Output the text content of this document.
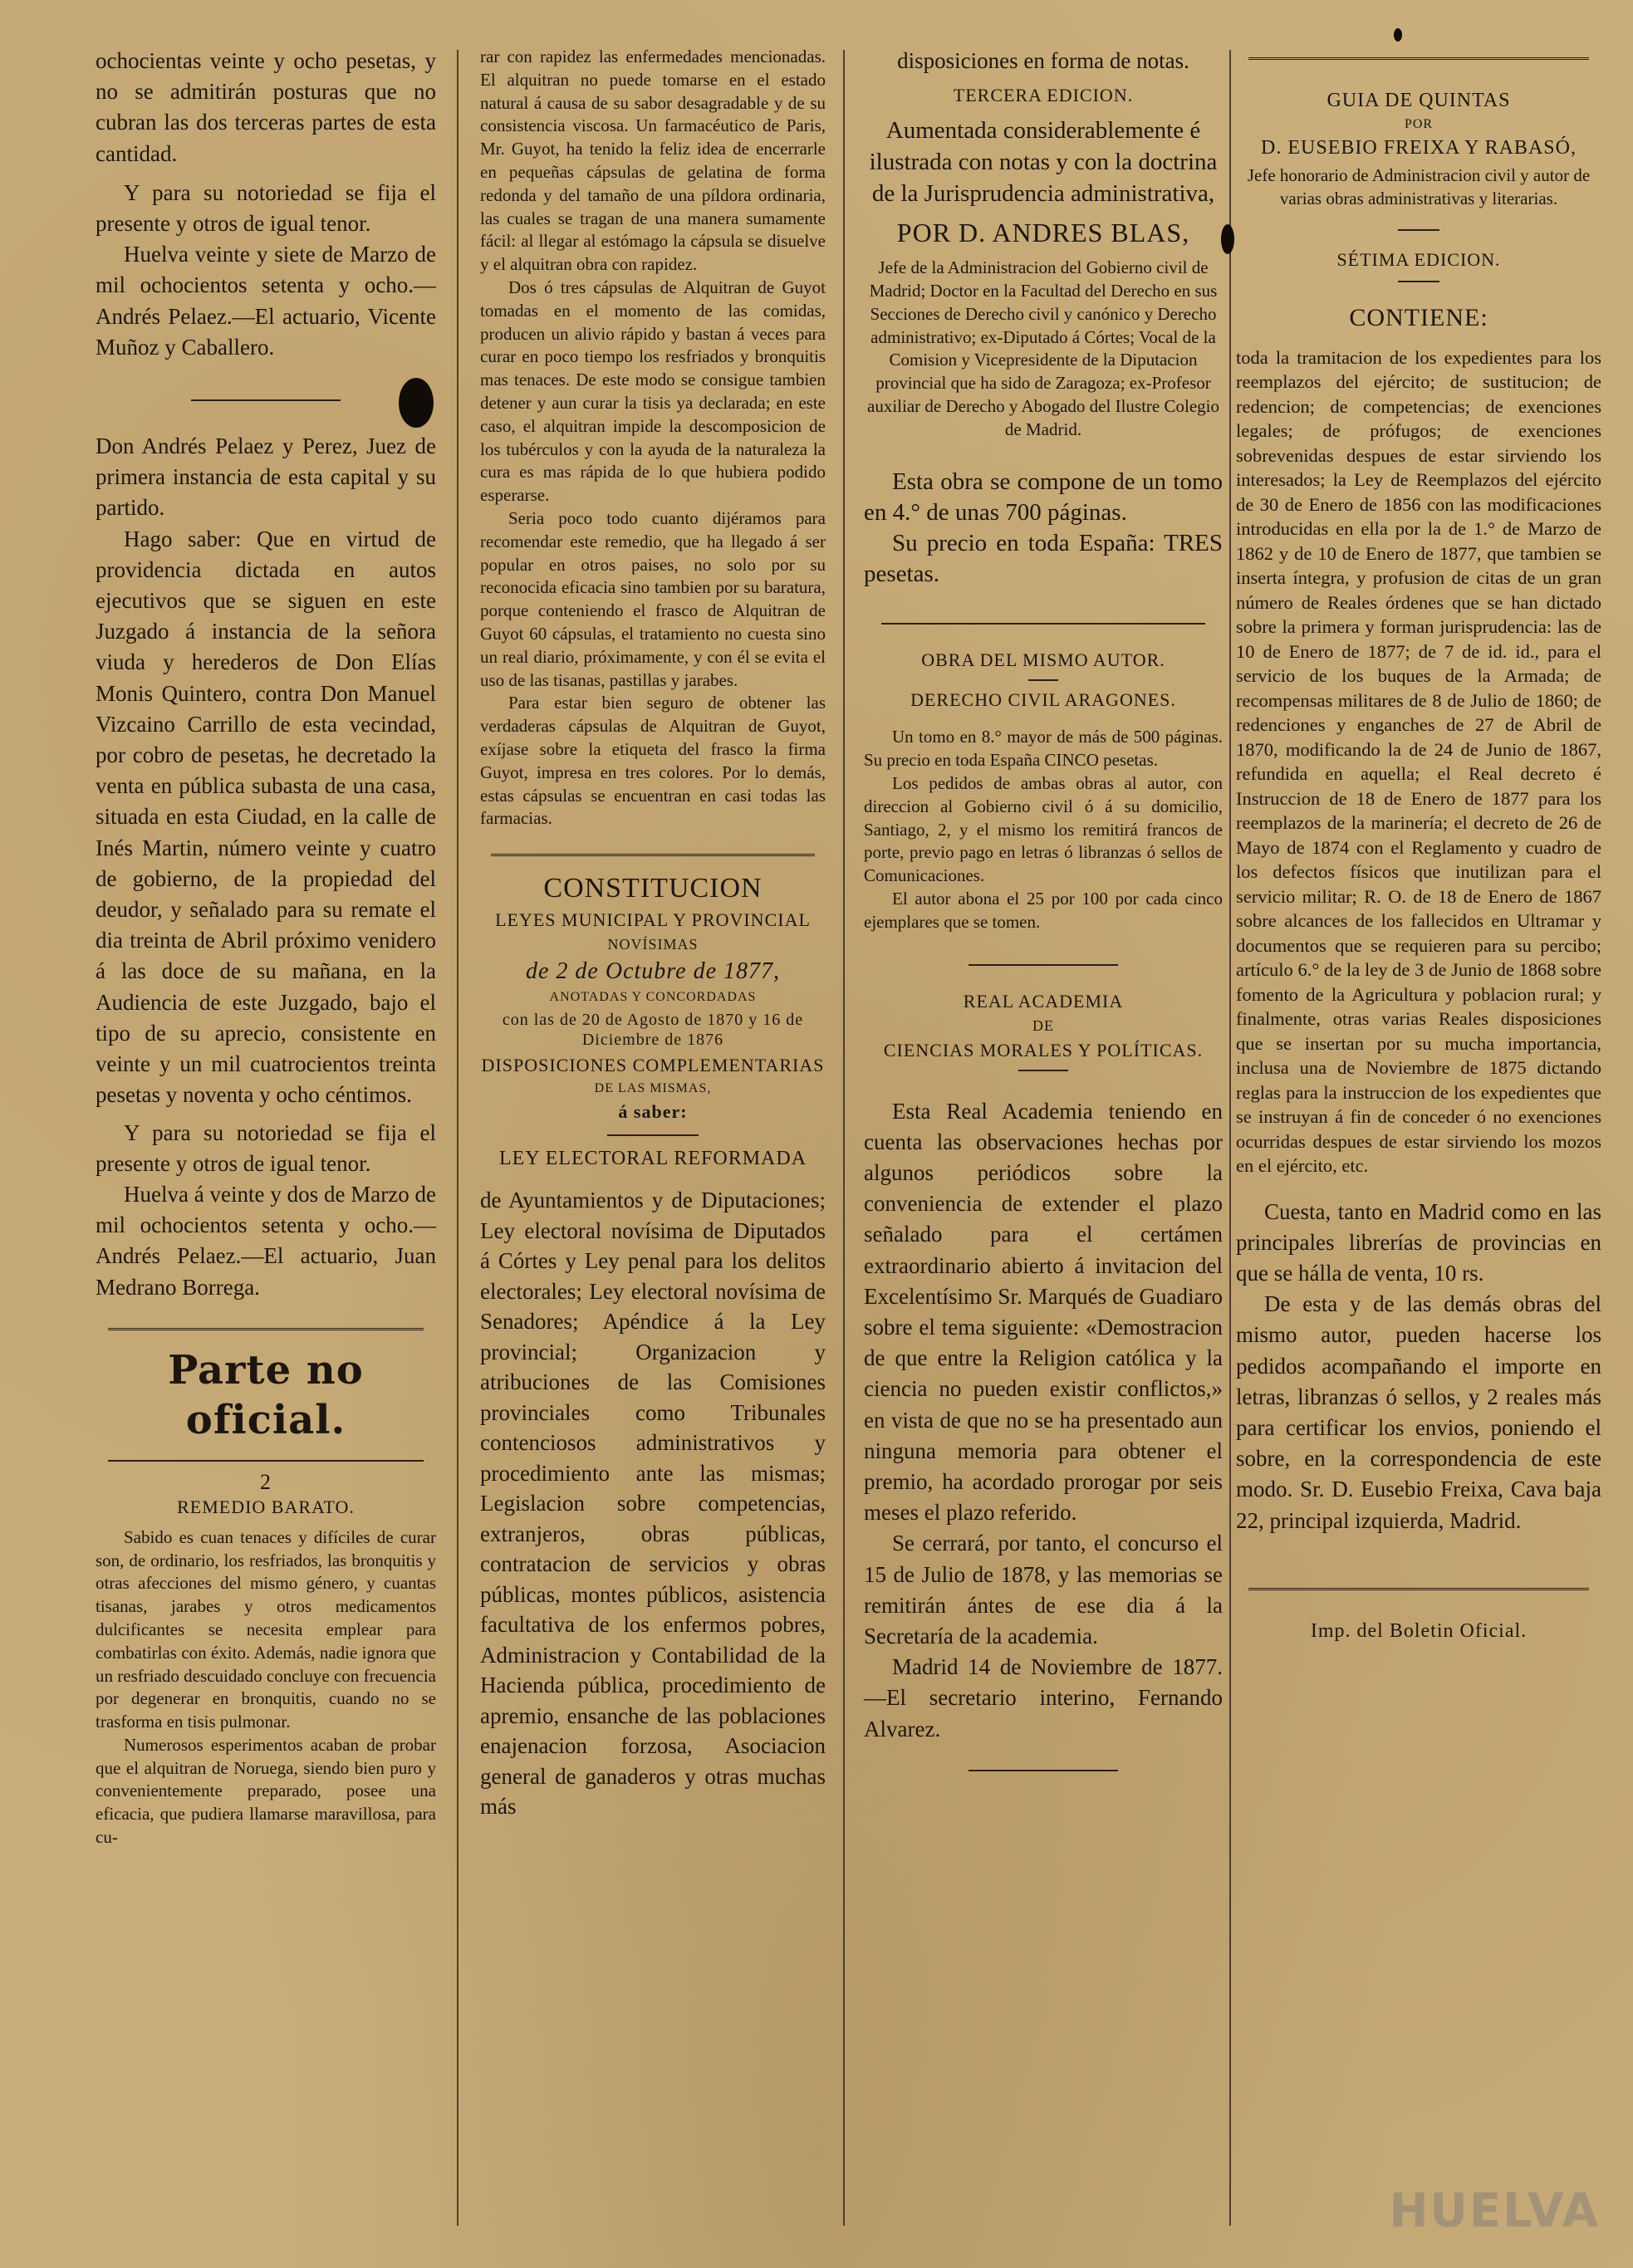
ochocientas veinte y ocho pesetas, y no se admitirán posturas que no cubran las dos terceras partes de esta cantidad.

Y para su notoriedad se fija el presente y otros de igual tenor.

Huelva veinte y siete de Marzo de mil ochocientos setenta y ocho.—Andrés Pelaez.—El actuario, Vicente Muñoz y Caballero.

Don Andrés Pelaez y Perez, Juez de primera instancia de esta capital y su partido.

Hago saber: Que en virtud de providencia dictada en autos ejecutivos que se siguen en este Juzgado á instancia de la señora viuda y herederos de Don Elías Monis Quintero, contra Don Manuel Vizcaino Carrillo de esta vecindad, por cobro de pesetas, he decretado la venta en pública subasta de una casa, situada en esta Ciudad, en la calle de Inés Martin, número veinte y cuatro de gobierno, de la propiedad del deudor, y señalado para su remate el dia treinta de Abril próximo venidero á las doce de su mañana, en la Audiencia de este Juzgado, bajo el tipo de su aprecio, consistente en veinte y un mil cuatrocientos treinta pesetas y noventa y ocho céntimos.

Y para su notoriedad se fija el presente y otros de igual tenor.

Huelva á veinte y dos de Marzo de mil ochocientos setenta y ocho.—Andrés Pelaez.—El actuario, Juan Medrano Borrega.

Parte no oficial.

2

REMEDIO BARATO.

Sabido es cuan tenaces y difíciles de curar son, de ordinario, los resfriados, las bronquitis y otras afecciones del mismo género, y cuantas tisanas, jarabes y otros medicamentos dulcificantes se necesita emplear para combatirlas con éxito. Además, nadie ignora que un resfriado descuidado concluye con frecuencia por degenerar en bronquitis, cuando no se trasforma en tisis pulmonar.

Numerosos esperimentos acaban de probar que el alquitran de Noruega, siendo bien puro y convenientemente preparado, posee una eficacia, que pudiera llamarse maravillosa, para cu-

rar con rapidez las enfermedades mencionadas. El alquitran no puede tomarse en el estado natural á causa de su sabor desagradable y de su consistencia viscosa. Un farmacéutico de Paris, Mr. Guyot, ha tenido la feliz idea de encerrarle en pequeñas cápsulas de gelatina de forma redonda y del tamaño de una píldora ordinaria, las cuales se tragan de una manera sumamente fácil: al llegar al estómago la cápsula se disuelve y el alquitran obra con rapidez.

Dos ó tres cápsulas de Alquitran de Guyot tomadas en el momento de las comidas, producen un alivio rápido y bastan á veces para curar en poco tiempo los resfriados y bronquitis mas tenaces. De este modo se consigue tambien detener y aun curar la tisis ya declarada; en este caso, el alquitran impide la descomposicion de los tubérculos y con la ayuda de la naturaleza la cura es mas rápida de lo que hubiera podido esperarse.

Seria poco todo cuanto dijéramos para recomendar este remedio, que ha llegado á ser popular en otros paises, no solo por su reconocida eficacia sino tambien por su baratura, porque conteniendo el frasco de Alquitran de Guyot 60 cápsulas, el tratamiento no cuesta sino un real diario, próximamente, y con él se evita el uso de las tisanas, pastillas y jarabes.

Para estar bien seguro de obtener las verdaderas cápsulas de Alquitran de Guyot, exíjase sobre la etiqueta del frasco la firma Guyot, impresa en tres colores. Por lo demás, estas cápsulas se encuentran en casi todas las farmacias.

CONSTITUCION

LEYES MUNICIPAL Y PROVINCIAL

NOVÍSIMAS

de 2 de Octubre de 1877,

ANOTADAS Y CONCORDADAS

con las de 20 de Agosto de 1870 y 16 de Diciembre de 1876

DISPOSICIONES COMPLEMENTARIAS

DE LAS MISMAS,

á saber:

LEY ELECTORAL REFORMADA

de Ayuntamientos y de Diputaciones; Ley electoral novísima de Diputados á Córtes y Ley penal para los delitos electorales; Ley electoral novísima de Senadores; Apéndice á la Ley provincial; Organizacion y atribuciones de las Comisiones provinciales como Tribunales contenciosos administrativos y procedimiento ante las mismas; Legislacion sobre competencias, extranjeros, obras públicas, contratacion de servicios y obras públicas, montes públicos, asistencia facultativa de los enfermos pobres, Administracion y Contabilidad de la Hacienda pública, procedimiento de apremio, ensanche de las poblaciones enajenacion forzosa, Asociacion general de ganaderos y otras muchas más

disposiciones en forma de notas.

TERCERA EDICION.

Aumentada considerablemente é ilustrada con notas y con la doctrina de la Jurisprudencia administrativa,

POR D. ANDRES BLAS,

Jefe de la Administracion del Gobierno civil de Madrid; Doctor en la Facultad del Derecho en sus Secciones de Derecho civil y canónico y Derecho administrativo; ex-Diputado á Córtes; Vocal de la Comision y Vicepresidente de la Diputacion provincial que ha sido de Zaragoza; ex-Profesor auxiliar de Derecho y Abogado del Ilustre Colegio de Madrid.

Esta obra se compone de un tomo en 4.° de unas 700 páginas.

Su precio en toda España: TRES pesetas.

OBRA DEL MISMO AUTOR.

DERECHO CIVIL ARAGONES.

Un tomo en 8.° mayor de más de 500 páginas. Su precio en toda España CINCO pesetas.

Los pedidos de ambas obras al autor, con direccion al Gobierno civil ó á su domicilio, Santiago, 2, y el mismo los remitirá francos de porte, previo pago en letras ó libranzas ó sellos de Comunicaciones.

El autor abona el 25 por 100 por cada cinco ejemplares que se tomen.

REAL ACADEMIA

DE

CIENCIAS MORALES Y POLÍTICAS.

Esta Real Academia teniendo en cuenta las observaciones hechas por algunos periódicos sobre la conveniencia de extender el plazo señalado para el certámen extraordinario abierto á invitacion del Excelentísimo Sr. Marqués de Guadiaro sobre el tema siguiente: «Demostracion de que entre la Religion católica y la ciencia no pueden existir conflictos,» en vista de que no se ha presentado aun ninguna memoria para obtener el premio, ha acordado prorogar por seis meses el plazo referido.

Se cerrará, por tanto, el concurso el 15 de Julio de 1878, y las memorias se remitirán ántes de ese dia á la Secretaría de la academia.

Madrid 14 de Noviembre de 1877.—El secretario interino, Fernando Alvarez.

GUIA DE QUINTAS

POR

D. EUSEBIO FREIXA Y RABASÓ,

Jefe honorario de Administracion civil y autor de varias obras administrativas y literarias.

SÉTIMA EDICION.

CONTIENE:

toda la tramitacion de los expedientes para los reemplazos del ejército; de sustitucion; de redencion; de competencias; de exenciones legales; de prófugos; de exenciones sobrevenidas despues de estar sirviendo los interesados; la Ley de Reemplazos del ejército de 30 de Enero de 1856 con las modificaciones introducidas en ella por la de 1.° de Marzo de 1862 y de 10 de Enero de 1877, que tambien se inserta íntegra, y profusion de citas de un gran número de Reales órdenes que se han dictado sobre la primera y forman jurisprudencia: las de 10 de Enero de 1877; de 7 de id. id., para el servicio de los buques de la Armada; de recompensas militares de 8 de Julio de 1860; de redenciones y enganches de 27 de Abril de 1870, modificando la de 24 de Junio de 1867, refundida en aquella; el Real decreto é Instruccion de 18 de Enero de 1877 para los reemplazos de la marinería; el decreto de 26 de Mayo de 1874 con el Reglamento y cuadro de los defectos físicos que inutilizan para el servicio militar; R. O. de 18 de Enero de 1867 sobre alcances de los fallecidos en Ultramar y documentos que se requieren para su percibo; artículo 6.° de la ley de 3 de Junio de 1868 sobre fomento de la Agricultura y poblacion rural; y finalmente, otras varias Reales disposiciones que se insertan por su mucha importancia, inclusa una de Noviembre de 1875 dictando reglas para la instruccion de los expedientes que se instruyan á fin de conceder ó no exenciones ocurridas despues de estar sirviendo los mozos en el ejército, etc.

Cuesta, tanto en Madrid como en las principales librerías de provincias en que se hálla de venta, 10 rs.

De esta y de las demás obras del mismo autor, pueden hacerse los pedidos acompañando el importe en letras, libranzas ó sellos, y 2 reales más para certificar los envios, poniendo el sobre, en la correspondencia de este modo. Sr. D. Eusebio Freixa, Cava baja 22, principal izquierda, Madrid.

Imp. del Boletin Oficial.

HUELVA
